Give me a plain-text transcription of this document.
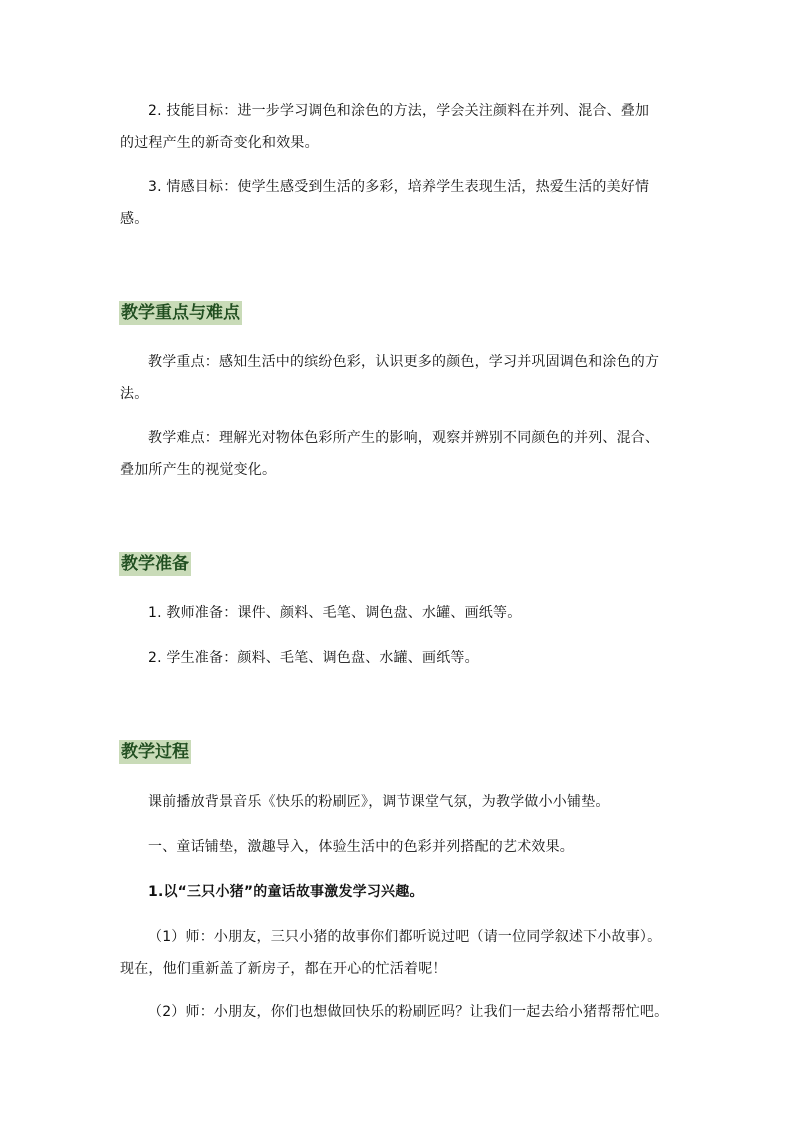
2. 技能目标：进一步学习调色和涂色的方法，学会关注颜料在并列、混合、叠加
的过程产生的新奇变化和效果。

3. 情感目标：使学生感受到生活的多彩，培养学生表现生活，热爱生活的美好情
感。

教学重点与难点

教学重点：感知生活中的缤纷色彩，认识更多的颜色，学习并巩固调色和涂色的方
法。

教学难点：理解光对物体色彩所产生的影响，观察并辨别不同颜色的并列、混合、
叠加所产生的视觉变化。

教学准备

1. 教师准备：课件、颜料、毛笔、调色盘、水罐、画纸等。

2. 学生准备：颜料、毛笔、调色盘、水罐、画纸等。

教学过程

课前播放背景音乐《快乐的粉刷匠》，调节课堂气氛，为教学做小小铺垫。

一、童话铺垫，激趣导入，体验生活中的色彩并列搭配的艺术效果。

1.以“三只小猪”的童话故事激发学习兴趣。

（1）师：小朋友，三只小猪的故事你们都听说过吧（请一位同学叙述下小故事）。
现在，他们重新盖了新房子，都在开心的忙活着呢！

（2）师：小朋友，你们也想做回快乐的粉刷匠吗？让我们一起去给小猪帮帮忙吧。
